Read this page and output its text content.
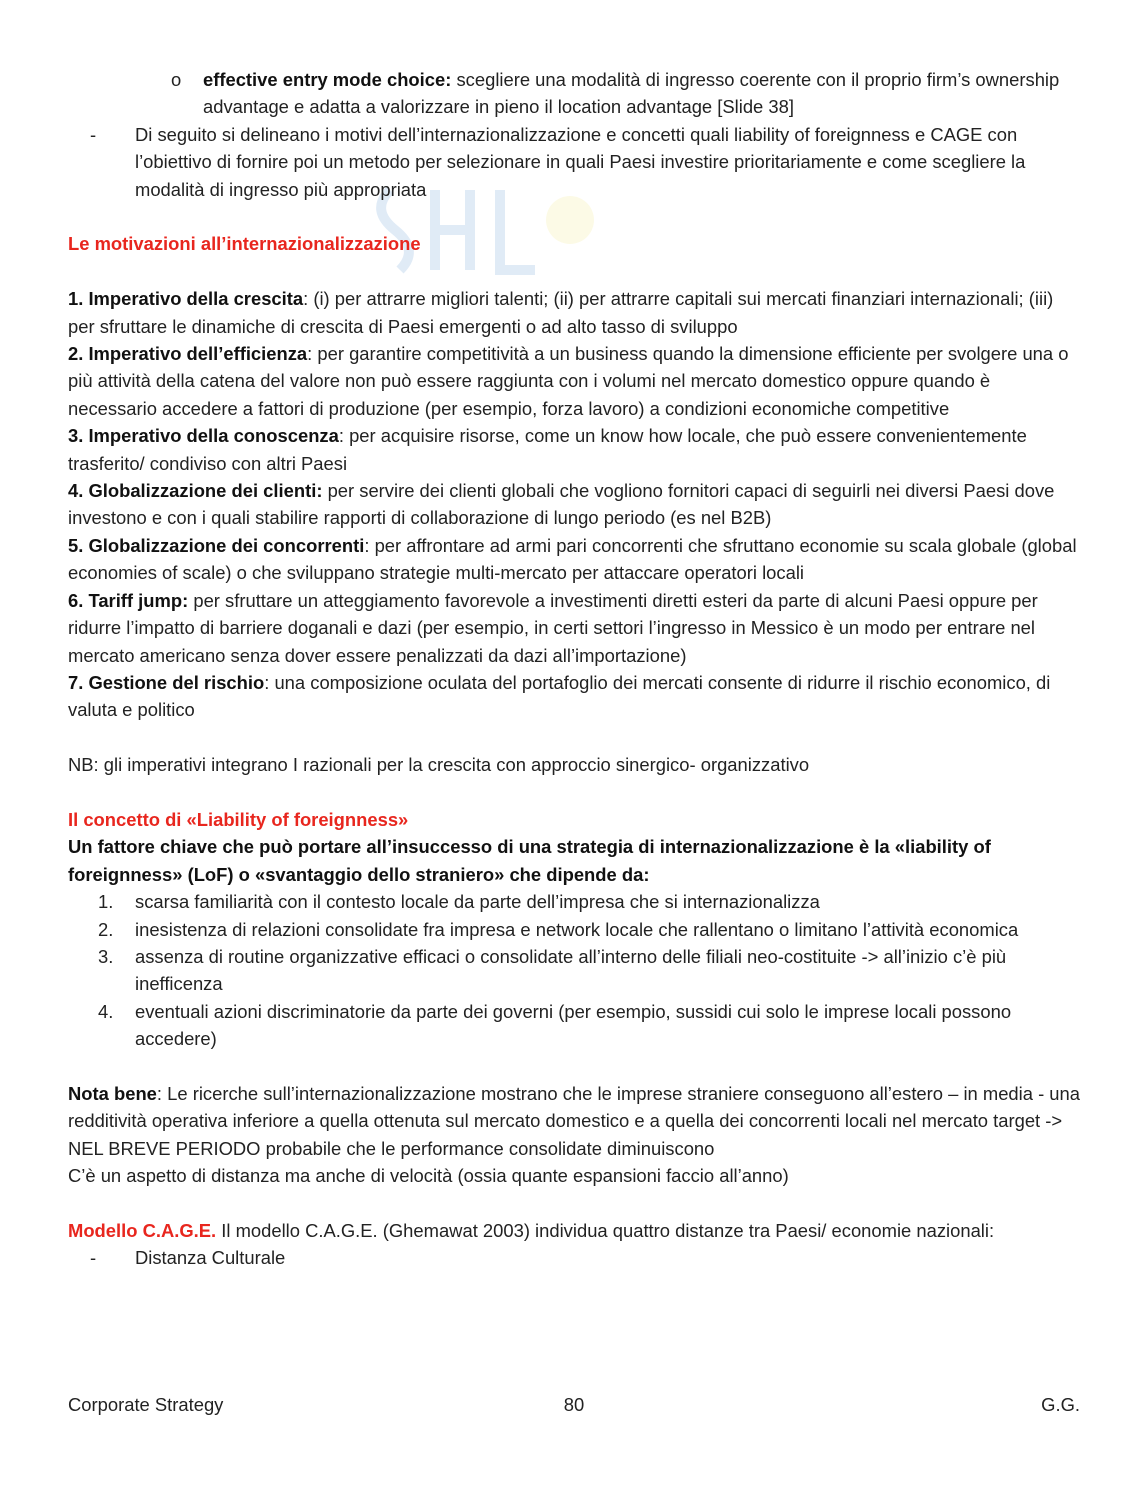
o effective entry mode choice: scegliere una modalità di ingresso coerente con il proprio firm’s ownership advantage e adatta a valorizzare in pieno il location advantage [Slide 38]

- Di seguito si delineano i motivi dell’internazionalizzazione e concetti quali liability of foreignness e CAGE con l’obiettivo di fornire poi un metodo per selezionare in quali Paesi investire prioritariamente e come scegliere la modalità di ingresso più appropriata

Le motivazioni all’internazionalizzazione

1. Imperativo della crescita: (i) per attrarre migliori talenti; (ii) per attrarre capitali sui mercati finanziari internazionali; (iii) per sfruttare le dinamiche di crescita di Paesi emergenti o ad alto tasso di sviluppo

2. Imperativo dell’efficienza: per garantire competitività a un business quando la dimensione efficiente per svolgere una o più attività della catena del valore non può essere raggiunta con i volumi nel mercato domestico oppure quando è necessario accedere a fattori di produzione (per esempio, forza lavoro) a condizioni economiche competitive

3. Imperativo della conoscenza: per acquisire risorse, come un know how locale, che può essere convenientemente trasferito/ condiviso con altri Paesi

4. Globalizzazione dei clienti: per servire dei clienti globali che vogliono fornitori capaci di seguirli nei diversi Paesi dove investono e con i quali stabilire rapporti di collaborazione di lungo periodo (es nel B2B)

5. Globalizzazione dei concorrenti: per affrontare ad armi pari concorrenti che sfruttano economie su scala globale (global economies of scale) o che sviluppano strategie multi-mercato per attaccare operatori locali

6. Tariff jump: per sfruttare un atteggiamento favorevole a investimenti diretti esteri da parte di alcuni Paesi oppure per ridurre l’impatto di barriere doganali e dazi (per esempio, in certi settori l’ingresso in Messico è un modo per entrare nel mercato americano senza dover essere penalizzati da dazi all’importazione)

7. Gestione del rischio: una composizione oculata del portafoglio dei mercati consente di ridurre il rischio economico, di valuta e politico

NB: gli imperativi integrano I razionali per la crescita con approccio sinergico- organizzativo

Il concetto di «Liability of foreignness»

Un fattore chiave che può portare all’insuccesso di una strategia di internazionalizzazione è la «liability of foreignness» (LoF) o «svantaggio dello straniero» che dipende da:

1. scarsa familiarità con il contesto locale da parte dell’impresa che si internazionalizza

2. inesistenza di relazioni consolidate fra impresa e network locale che rallentano o limitano l’attività economica

3. assenza di routine organizzative efficaci o consolidate all’interno delle filiali neo-costituite -> all’inizio c’è più inefficenza

4. eventuali azioni discriminatorie da parte dei governi (per esempio, sussidi cui solo le imprese locali possono accedere)

Nota bene: Le ricerche sull’internazionalizzazione mostrano che le imprese straniere conseguono all’estero – in media - una redditività operativa inferiore a quella ottenuta sul mercato domestico e a quella dei concorrenti locali nel mercato target -> NEL BREVE PERIODO probabile che le performance consolidate diminuiscono

C’è un aspetto di distanza ma anche di velocità (ossia quante espansioni faccio all’anno)

Modello C.A.G.E. Il modello C.A.G.E. (Ghemawat 2003) individua quattro distanze tra Paesi/ economie nazionali:

- Distanza Culturale

Corporate Strategy	80	G.G.
